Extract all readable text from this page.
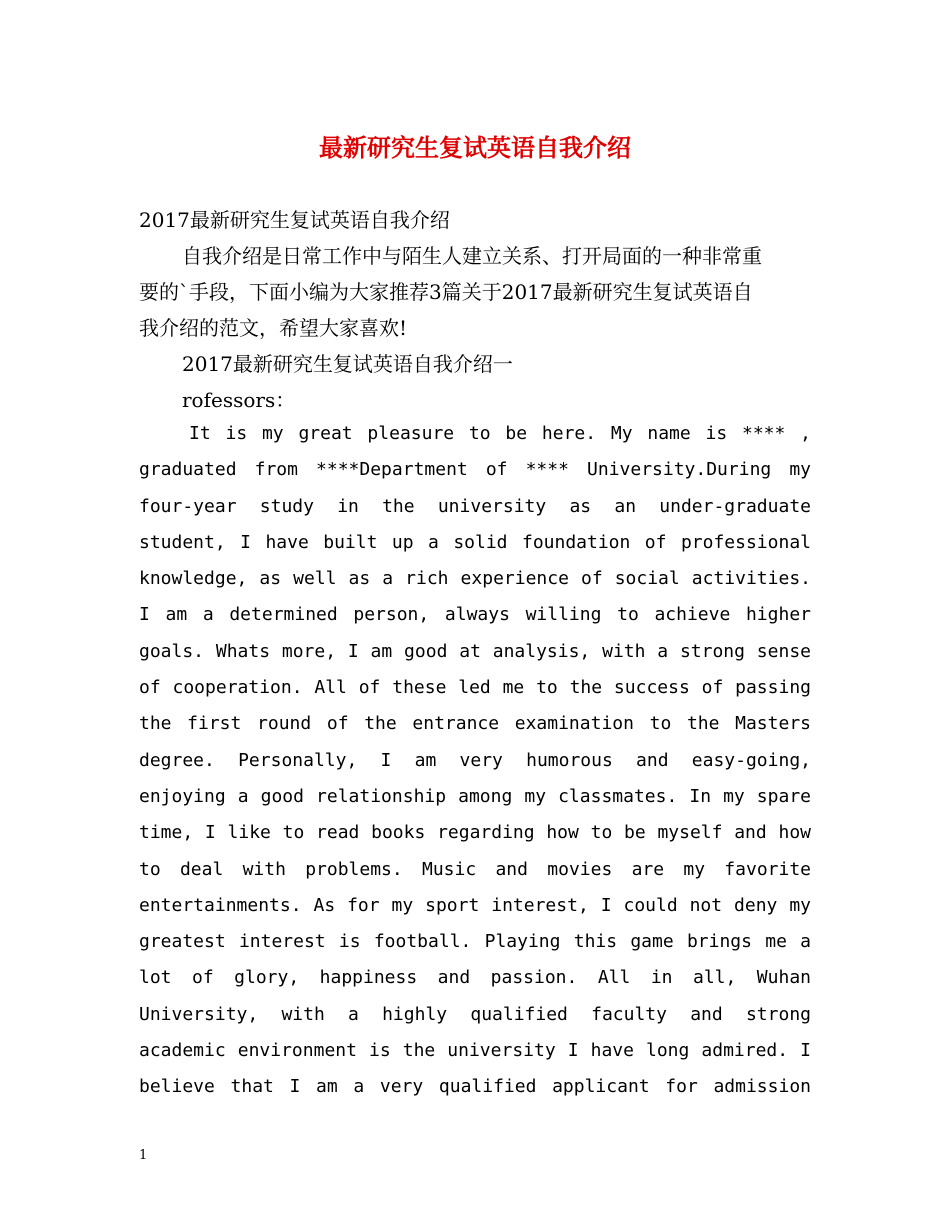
最新研究生复试英语自我介绍
2017最新研究生复试英语自我介绍
自我介绍是日常工作中与陌生人建立关系、打开局面的一种非常重
要的`手段，下面小编为大家推荐3篇关于2017最新研究生复试英语自
我介绍的范文，希望大家喜欢!
2017最新研究生复试英语自我介绍一
rofessors：
It is my great pleasure to be here. My name is **** ,
graduated from ****Department of **** University.During my
four-year study in the university as an under-graduate
student, I have built up a solid foundation of professional
knowledge, as well as a rich experience of social activities.
I am a determined person, always willing to achieve higher
goals. Whats more, I am good at analysis, with a strong sense
of cooperation. All of these led me to the success of passing
the first round of the entrance examination to the Masters
degree. Personally, I am very humorous and easy-going,
enjoying a good relationship among my classmates. In my spare
time, I like to read books regarding how to be myself and how
to deal with problems. Music and movies are my favorite
entertainments. As for my sport interest, I could not deny my
greatest interest is football. Playing this game brings me a
lot of glory, happiness and passion. All in all, Wuhan
University, with a highly qualified faculty and strong
academic environment is the university I have long admired. I
believe that I am a very qualified applicant for admission
1
